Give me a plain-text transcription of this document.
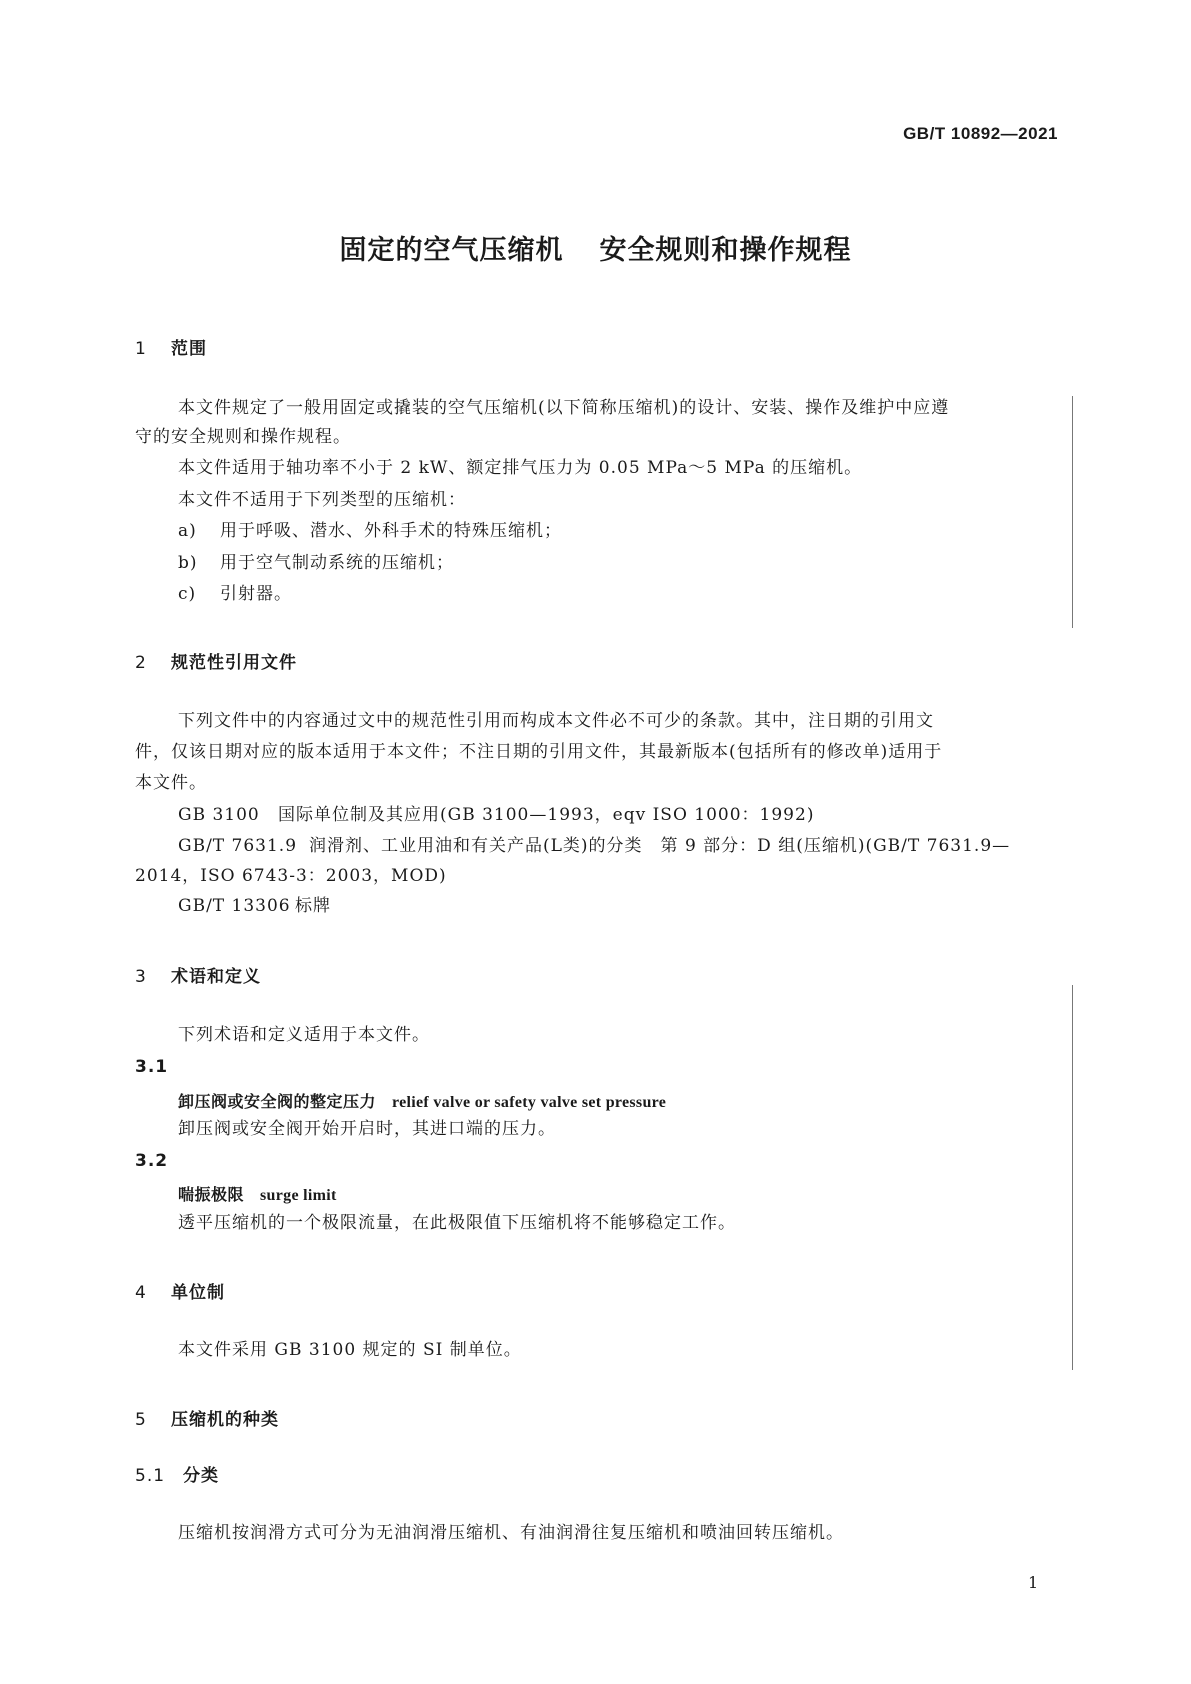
GB/T 10892—2021
固定的空气压缩机 安全规则和操作规程
1 范围
本文件规定了一般用固定或撬装的空气压缩机(以下简称压缩机)的设计、安装、操作及维护中应遵
守的安全规则和操作规程。
本文件适用于轴功率不小于 2 kW、额定排气压力为 0.05 MPa～5 MPa 的压缩机。
本文件不适用于下列类型的压缩机：
a) 用于呼吸、潜水、外科手术的特殊压缩机；
b) 用于空气制动系统的压缩机；
c) 引射器。
2 规范性引用文件
下列文件中的内容通过文中的规范性引用而构成本文件必不可少的条款。其中，注日期的引用文
件，仅该日期对应的版本适用于本文件；不注日期的引用文件，其最新版本(包括所有的修改单)适用于
本文件。
GB 3100 国际单位制及其应用(GB 3100—1993，eqv ISO 1000：1992)
GB/T 7631.9 润滑剂、工业用油和有关产品(L类)的分类　第 9 部分：D 组(压缩机)(GB/T 7631.9—
2014，ISO 6743-3：2003，MOD)
GB/T 13306 标牌
3 术语和定义
下列术语和定义适用于本文件。
3.1
卸压阀或安全阀的整定压力 relief valve or safety valve set pressure
卸压阀或安全阀开始开启时，其进口端的压力。
3.2
喘振极限 surge limit
透平压缩机的一个极限流量，在此极限值下压缩机将不能够稳定工作。
4 单位制
本文件采用 GB 3100 规定的 SI 制单位。
5 压缩机的种类
5.1 分类
压缩机按润滑方式可分为无油润滑压缩机、有油润滑往复压缩机和喷油回转压缩机。
1
